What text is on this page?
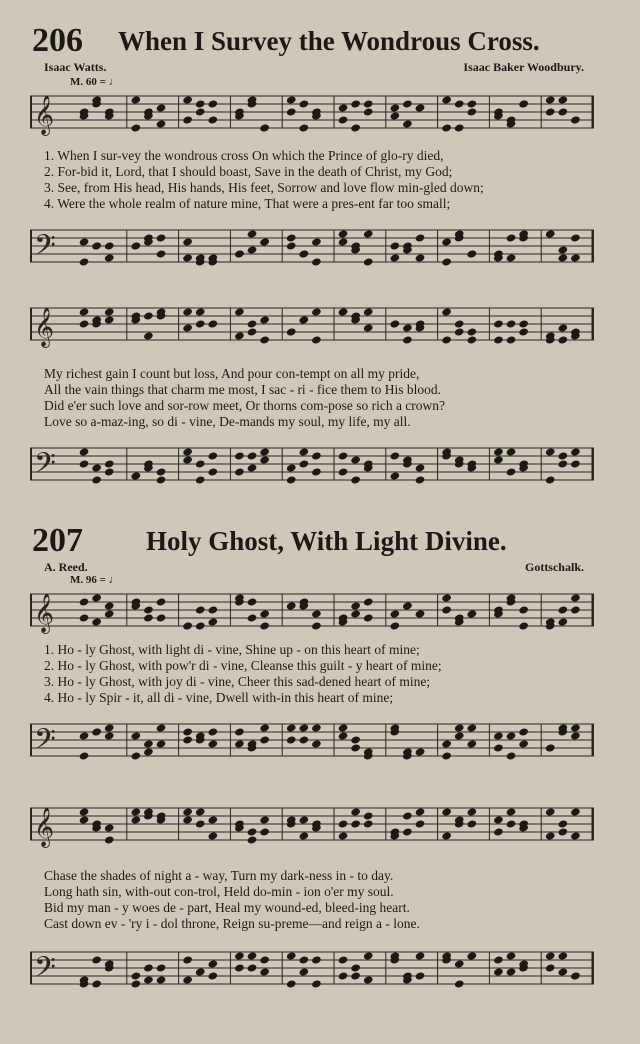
206 When I Survey the Wondrous Cross.
Isaac Watts.	Isaac Baker Woodbury.
M. 60 = ♩
𝄞
1. When I sur-vey the wondrous cross On which the Prince of glo-ry died,
2. For-bid it, Lord, that I should boast, Save in the death of Christ, my God;
3. See, from His head, His hands, His feet, Sorrow and love flow min-gled down;
4. Were the whole realm of nature mine, That were a pres-ent far too small;
𝄢
𝄞
My richest gain I count but loss, And pour con-tempt on all my pride,
All the vain things that charm me most, I sac - ri - fice them to His blood.
Did e'er such love and sor-row meet, Or thorns com-pose so rich a crown?
Love so a-maz-ing, so di - vine, De-mands my soul, my life, my all.
𝄢
207 Holy Ghost, With Light Divine.
A. Reed.	Gottschalk.
M. 96 = ♩
𝄞
1. Ho - ly Ghost, with light di - vine, Shine up - on this heart of mine;
2. Ho - ly Ghost, with pow'r di - vine, Cleanse this guilt - y heart of mine;
3. Ho - ly Ghost, with joy di - vine, Cheer this sad-dened heart of mine;
4. Ho - ly Spir - it, all di - vine, Dwell with-in this heart of mine;
𝄢
𝄞
Chase the shades of night a - way, Turn my dark-ness in - to day.
Long hath sin, with-out con-trol, Held do-min - ion o'er my soul.
Bid my man - y woes de - part, Heal my wound-ed, bleed-ing heart.
Cast down ev - 'ry i - dol throne, Reign su-preme—and reign a - lone.
𝄢
